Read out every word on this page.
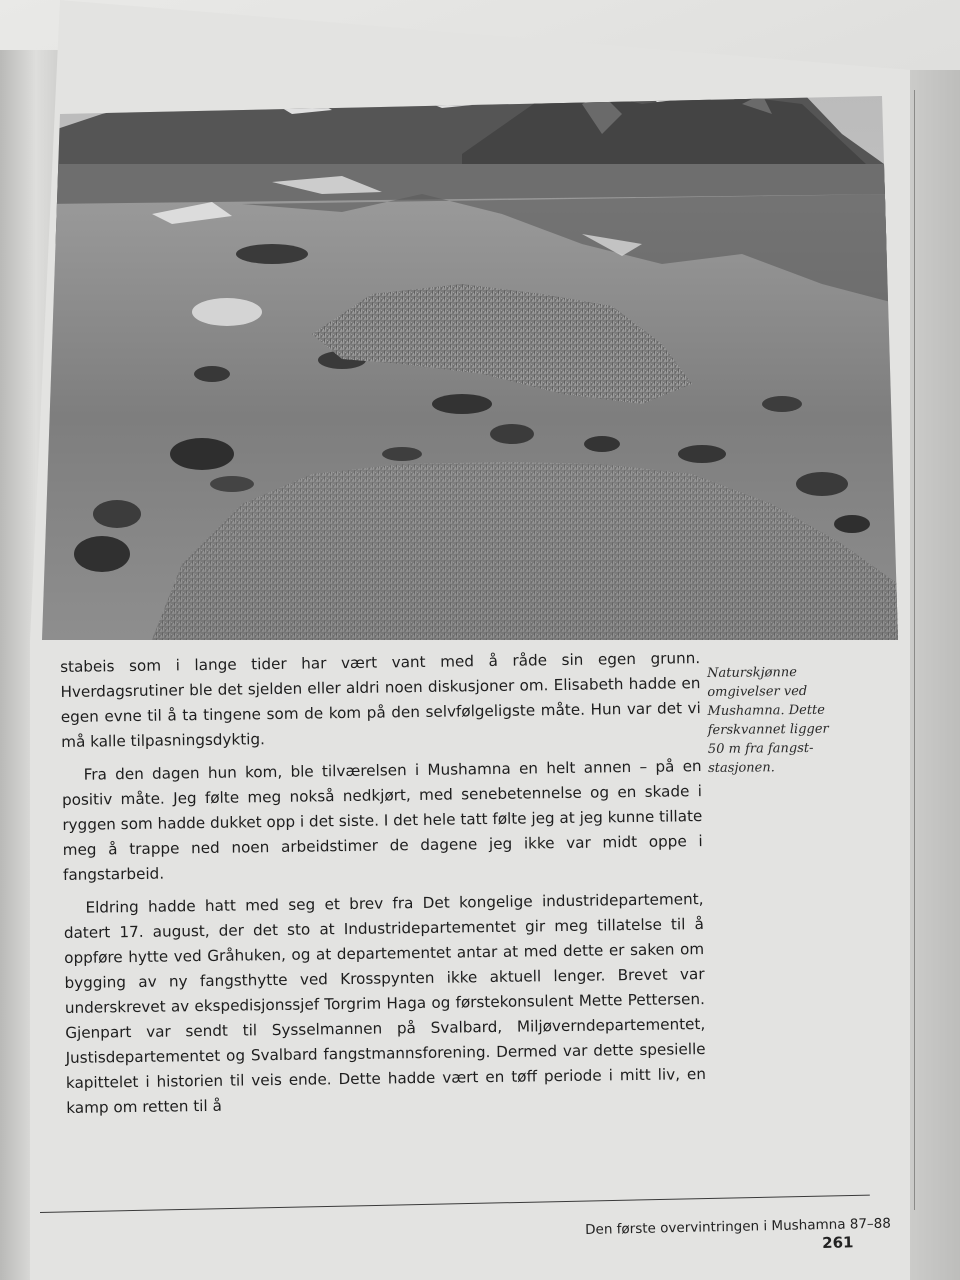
stabeis som i lange tider har vært vant med å råde sin egen grunn. Hverdagsrutiner ble det sjelden eller aldri noen diskusjoner om. Elisabeth hadde en egen evne til å ta tingene som de kom på den selvfølgeligste måte. Hun var det vi må kalle tilpasningsdyktig.

Fra den dagen hun kom, ble tilværelsen i Mushamna en helt annen – på en positiv måte. Jeg følte meg nokså nedkjørt, med senebetennelse og en skade i ryggen som hadde dukket opp i det siste. I det hele tatt følte jeg at jeg kunne tillate meg å trappe ned noen arbeidstimer de dagene jeg ikke var midt oppe i fangstarbeid.

Eldring hadde hatt med seg et brev fra Det kongelige industridepartement, datert 17. august, der det sto at Industridepartementet gir meg tillatelse til å oppføre hytte ved Gråhuken, og at departementet antar at med dette er saken om bygging av ny fangsthytte ved Krosspynten ikke aktuell lenger. Brevet var underskrevet av ekspedisjonssjef Torgrim Haga og førstekonsulent Mette Pettersen. Gjenpart var sendt til Sysselmannen på Svalbard, Miljøverndepartementet, Justisdepartementet og Svalbard fangstmannsforening. Dermed var dette spesielle kapittelet i historien til veis ende. Dette hadde vært en tøff periode i mitt liv, en kamp om retten til å

Naturskjønne
omgivelser ved
Mushamna. Dette
ferskvannet ligger
50 m fra fangst-
stasjonen.
Den første overvintringen i Mushamna 87–88
261
